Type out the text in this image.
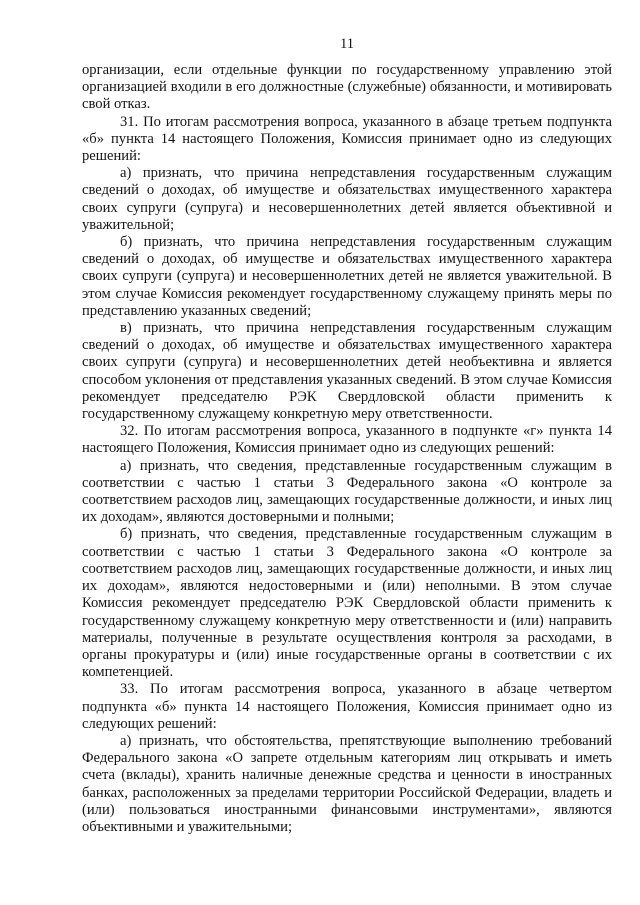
11

организации, если отдельные функции по государственному управлению этой организацией входили в его должностные (служебные) обязанности, и мотивировать свой отказ.

31. По итогам рассмотрения вопроса, указанного в абзаце третьем подпункта «б» пункта 14 настоящего Положения, Комиссия принимает одно из следующих решений:

а) признать, что причина непредставления государственным служащим сведений о доходах, об имуществе и обязательствах имущественного характера своих супруги (супруга) и несовершеннолетних детей является объективной и уважительной;

б) признать, что причина непредставления государственным служащим сведений о доходах, об имуществе и обязательствах имущественного характера своих супруги (супруга) и несовершеннолетних детей не является уважительной. В этом случае Комиссия рекомендует государственному служащему принять меры по представлению указанных сведений;

в) признать, что причина непредставления государственным служащим сведений о доходах, об имуществе и обязательствах имущественного характера своих супруги (супруга) и несовершеннолетних детей необъективна и является способом уклонения от представления указанных сведений. В этом случае Комиссия рекомендует председателю РЭК Свердловской области применить к государственному служащему конкретную меру ответственности.

32. По итогам рассмотрения вопроса, указанного в подпункте «г» пункта 14 настоящего Положения, Комиссия принимает одно из следующих решений:

а) признать, что сведения, представленные государственным служащим в соответствии с частью 1 статьи 3 Федерального закона «О контроле за соответствием расходов лиц, замещающих государственные должности, и иных лиц их доходам», являются достоверными и полными;

б) признать, что сведения, представленные государственным служащим в соответствии с частью 1 статьи 3 Федерального закона «О контроле за соответствием расходов лиц, замещающих государственные должности, и иных лиц их доходам», являются недостоверными и (или) неполными. В этом случае Комиссия рекомендует председателю РЭК Свердловской области применить к государственному служащему конкретную меру ответственности и (или) направить материалы, полученные в результате осуществления контроля за расходами, в органы прокуратуры и (или) иные государственные органы в соответствии с их компетенцией.

33. По итогам рассмотрения вопроса, указанного в абзаце четвертом подпункта «б» пункта 14 настоящего Положения, Комиссия принимает одно из следующих решений:

а) признать, что обстоятельства, препятствующие выполнению требований Федерального закона «О запрете отдельным категориям лиц открывать и иметь счета (вклады), хранить наличные денежные средства и ценности в иностранных банках, расположенных за пределами территории Российской Федерации, владеть и (или) пользоваться иностранными финансовыми инструментами», являются объективными и уважительными;
